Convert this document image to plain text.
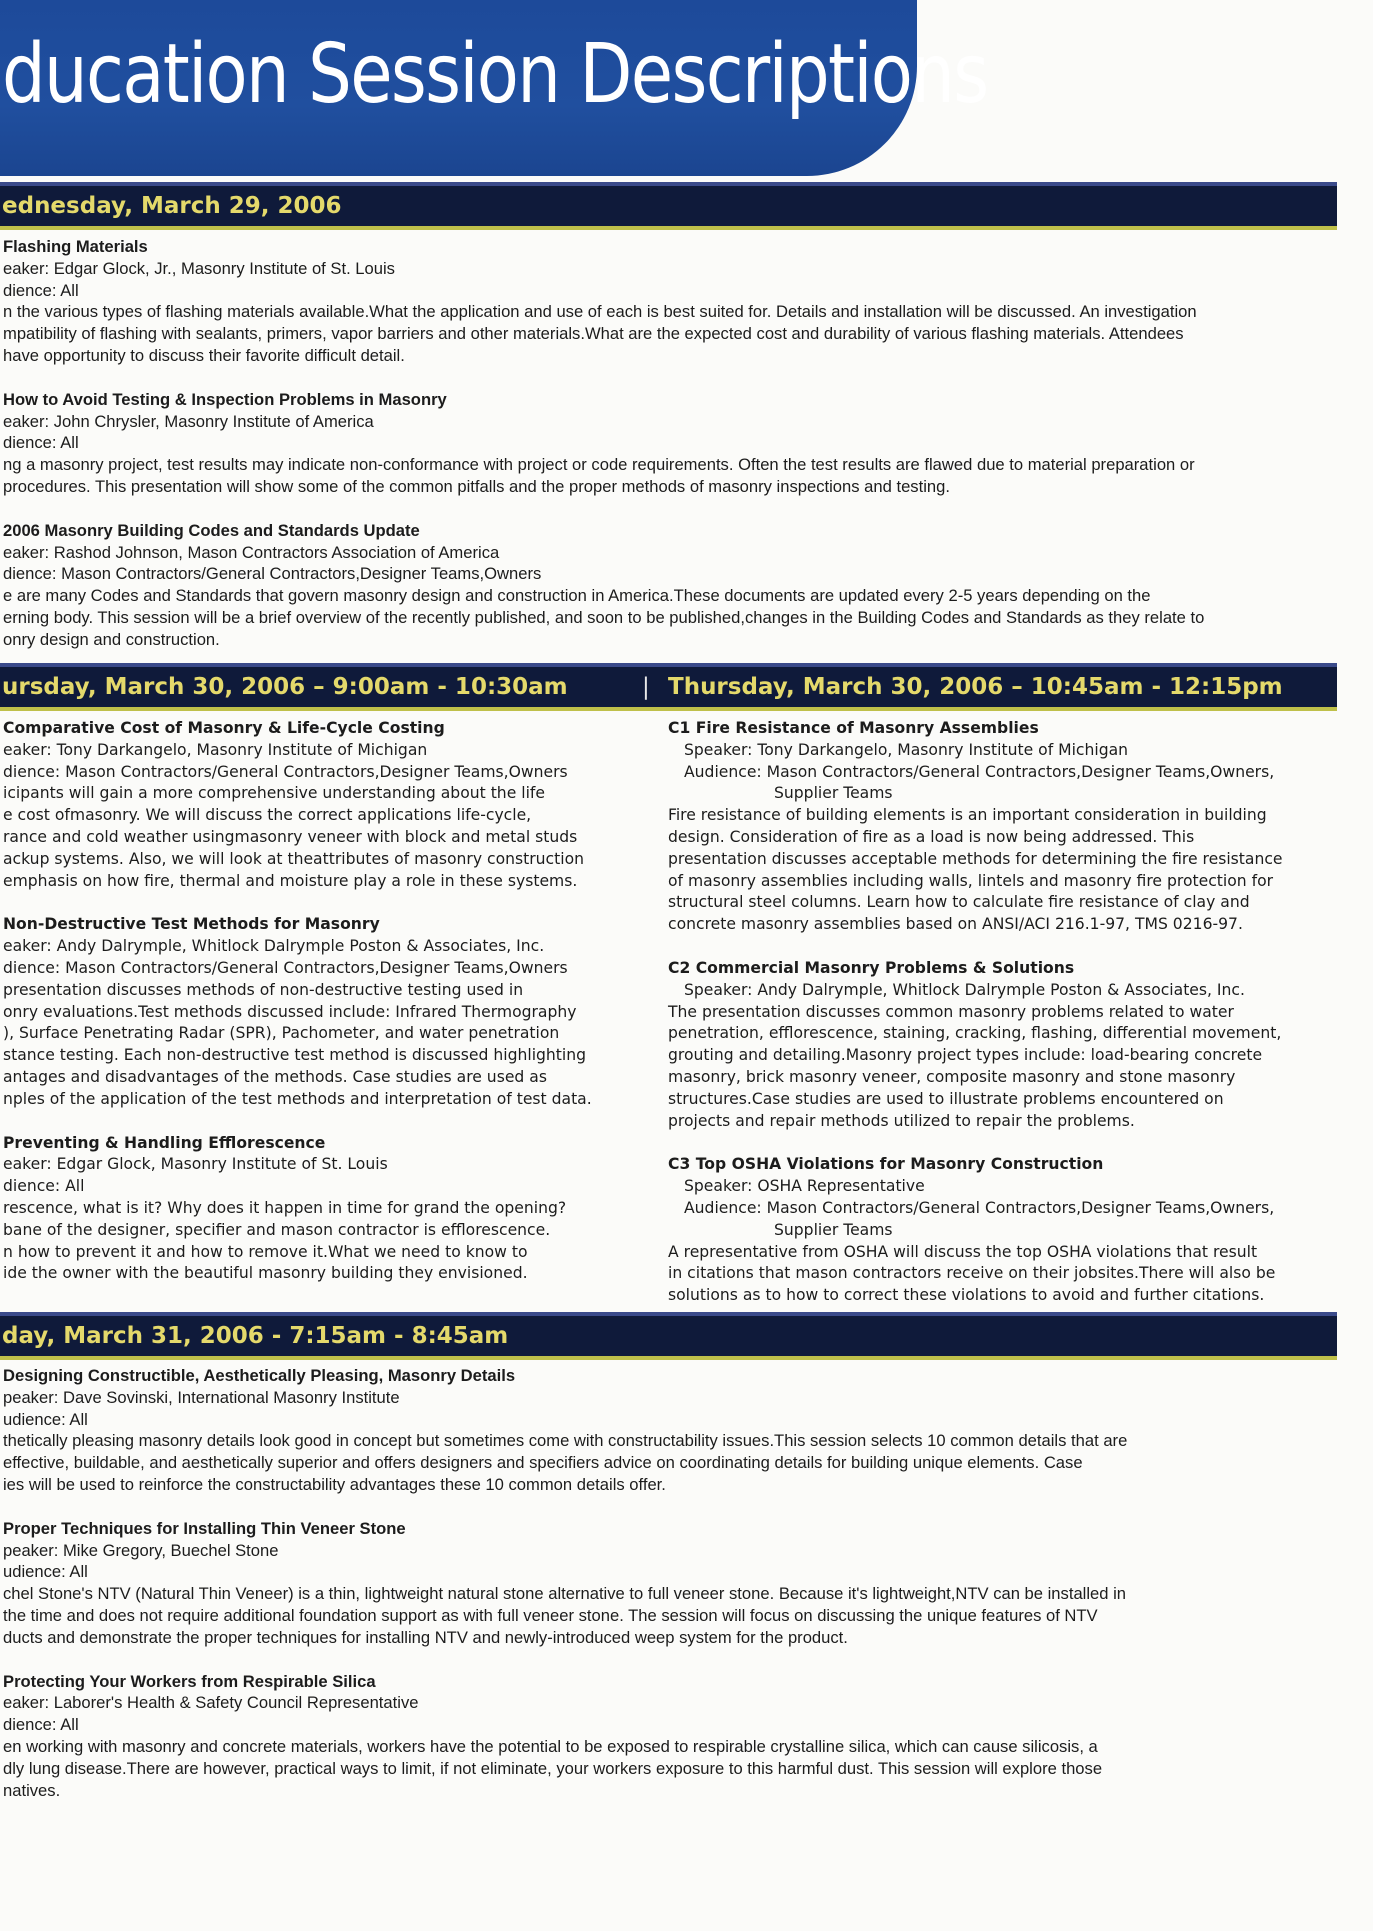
ducation Session Descriptions
ednesday, March 29, 2006
Flashing Materials
eaker: Edgar Glock, Jr., Masonry Institute of St. Louis
dience: All
n the various types of flashing materials available.What the application and use of each is best suited for. Details and installation will be discussed. An investigation
mpatibility of flashing with sealants, primers, vapor barriers and other materials.What are the expected cost and durability of various flashing materials. Attendees
have opportunity to discuss their favorite difficult detail.
How to Avoid Testing & Inspection Problems in Masonry
eaker: John Chrysler, Masonry Institute of America
dience: All
ng a masonry project, test results may indicate non-conformance with project or code requirements. Often the test results are flawed due to material preparation or
procedures. This presentation will show some of the common pitfalls and the proper methods of masonry inspections and testing.
2006 Masonry Building Codes and Standards Update
eaker: Rashod Johnson, Mason Contractors Association of America
dience: Mason Contractors/General Contractors,Designer Teams,Owners
e are many Codes and Standards that govern masonry design and construction in America.These documents are updated every 2-5 years depending on the
erning body. This session will be a brief overview of the recently published, and soon to be published,changes in the Building Codes and Standards as they relate to
onry design and construction.
ursday, March 30, 2006 – 9:00am - 10:30am	| Thursday, March 30, 2006 – 10:45am - 12:15pm
Comparative Cost of Masonry & Life-Cycle Costing
eaker: Tony Darkangelo, Masonry Institute of Michigan
dience: Mason Contractors/General Contractors,Designer Teams,Owners
icipants will gain a more comprehensive understanding about the life
e cost ofmasonry. We will discuss the correct applications life-cycle,
rance and cold weather usingmasonry veneer with block and metal studs
ackup systems. Also, we will look at theattributes of masonry construction
emphasis on how fire, thermal and moisture play a role in these systems.
Non-Destructive Test Methods for Masonry
eaker: Andy Dalrymple, Whitlock Dalrymple Poston & Associates, Inc.
dience: Mason Contractors/General Contractors,Designer Teams,Owners
presentation discusses methods of non-destructive testing used in
onry evaluations.Test methods discussed include: Infrared Thermography
), Surface Penetrating Radar (SPR), Pachometer, and water penetration
stance testing. Each non-destructive test method is discussed highlighting
antages and disadvantages of the methods. Case studies are used as
nples of the application of the test methods and interpretation of test data.
Preventing & Handling Efflorescence
eaker: Edgar Glock, Masonry Institute of St. Louis
dience: All
rescence, what is it? Why does it happen in time for grand the opening?
bane of the designer, specifier and mason contractor is efflorescence.
n how to prevent it and how to remove it.What we need to know to
ide the owner with the beautiful masonry building they envisioned.
C1 Fire Resistance of Masonry Assemblies
Speaker: Tony Darkangelo, Masonry Institute of Michigan
Audience: Mason Contractors/General Contractors,Designer Teams,Owners,
Supplier Teams
Fire resistance of building elements is an important consideration in building
design. Consideration of fire as a load is now being addressed. This
presentation discusses acceptable methods for determining the fire resistance
of masonry assemblies including walls, lintels and masonry fire protection for
structural steel columns. Learn how to calculate fire resistance of clay and
concrete masonry assemblies based on ANSI/ACI 216.1-97, TMS 0216-97.
C2 Commercial Masonry Problems & Solutions
Speaker: Andy Dalrymple, Whitlock Dalrymple Poston & Associates, Inc.
The presentation discusses common masonry problems related to water
penetration, efflorescence, staining, cracking, flashing, differential movement,
grouting and detailing.Masonry project types include: load-bearing concrete
masonry, brick masonry veneer, composite masonry and stone masonry
structures.Case studies are used to illustrate problems encountered on
projects and repair methods utilized to repair the problems.
C3 Top OSHA Violations for Masonry Construction
Speaker: OSHA Representative
Audience: Mason Contractors/General Contractors,Designer Teams,Owners,
Supplier Teams
A representative from OSHA will discuss the top OSHA violations that result
in citations that mason contractors receive on their jobsites.There will also be
solutions as to how to correct these violations to avoid and further citations.
day, March 31, 2006 - 7:15am - 8:45am
Designing Constructible, Aesthetically Pleasing, Masonry Details
peaker: Dave Sovinski, International Masonry Institute
udience: All
thetically pleasing masonry details look good in concept but sometimes come with constructability issues.This session selects 10 common details that are
effective, buildable, and aesthetically superior and offers designers and specifiers advice on coordinating details for building unique elements. Case
ies will be used to reinforce the constructability advantages these 10 common details offer.
Proper Techniques for Installing Thin Veneer Stone
peaker: Mike Gregory, Buechel Stone
udience: All
chel Stone's NTV (Natural Thin Veneer) is a thin, lightweight natural stone alternative to full veneer stone. Because it's lightweight,NTV can be installed in
the time and does not require additional foundation support as with full veneer stone. The session will focus on discussing the unique features of NTV
ducts and demonstrate the proper techniques for installing NTV and newly-introduced weep system for the product.
Protecting Your Workers from Respirable Silica
eaker: Laborer's Health & Safety Council Representative
dience: All
en working with masonry and concrete materials, workers have the potential to be exposed to respirable crystalline silica, which can cause silicosis, a
dly lung disease.There are however, practical ways to limit, if not eliminate, your workers exposure to this harmful dust. This session will explore those
natives.
